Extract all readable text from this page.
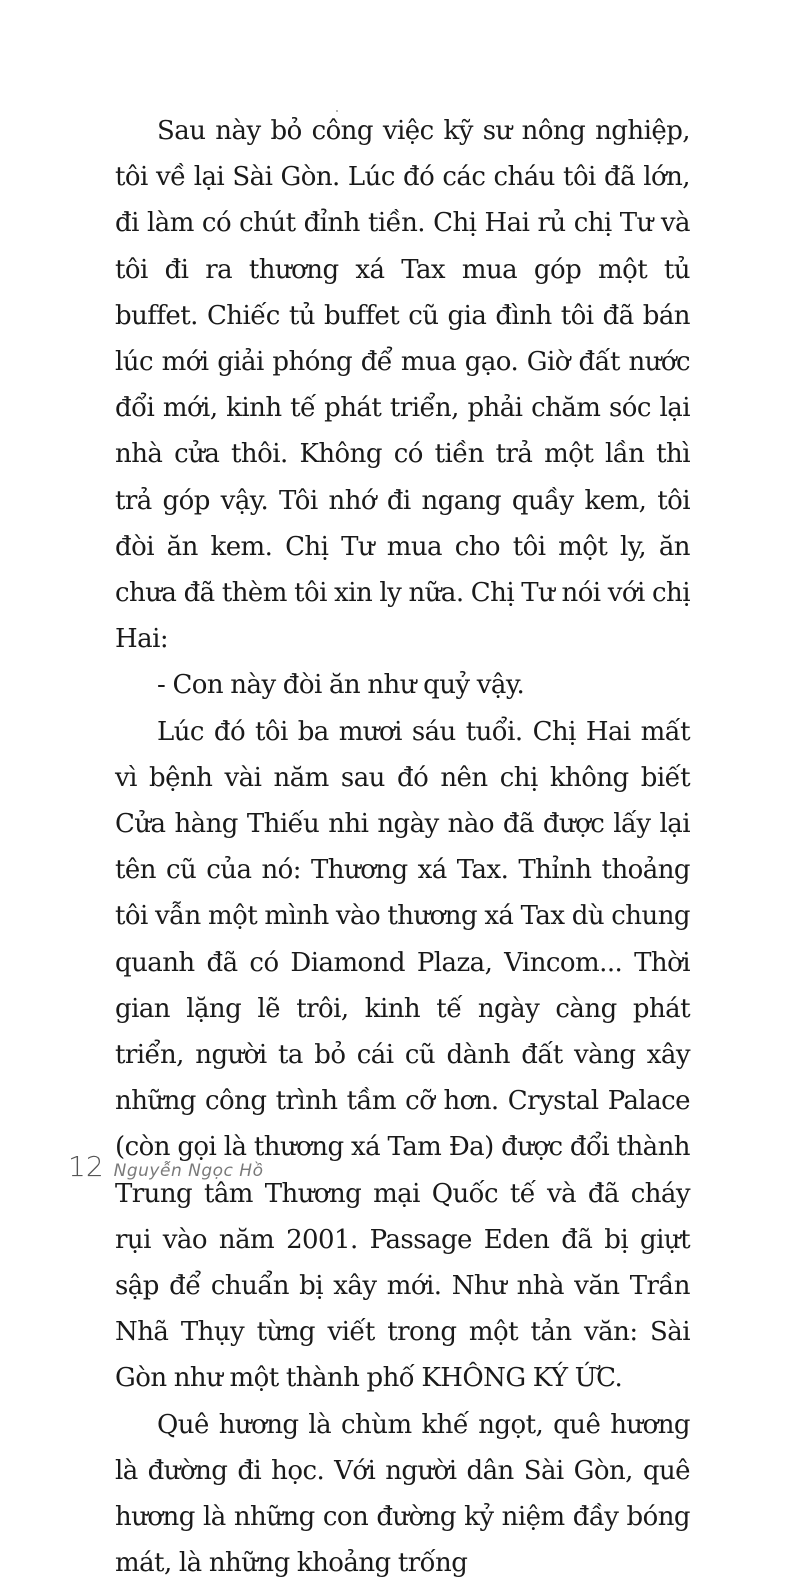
Sau này bỏ công việc kỹ sư nông nghiệp, tôi về lại Sài Gòn. Lúc đó các cháu tôi đã lớn, đi làm có chút đỉnh tiền. Chị Hai rủ chị Tư và tôi đi ra thương xá Tax mua góp một tủ buffet. Chiếc tủ buffet cũ gia đình tôi đã bán lúc mới giải phóng để mua gạo. Giờ đất nước đổi mới, kinh tế phát triển, phải chăm sóc lại nhà cửa thôi. Không có tiền trả một lần thì trả góp vậy. Tôi nhớ đi ngang quầy kem, tôi đòi ăn kem. Chị Tư mua cho tôi một ly, ăn chưa đã thèm tôi xin ly nữa. Chị Tư nói với chị Hai:

- Con này đòi ăn như quỷ vậy.

Lúc đó tôi ba mươi sáu tuổi. Chị Hai mất vì bệnh vài năm sau đó nên chị không biết Cửa hàng Thiếu nhi ngày nào đã được lấy lại tên cũ của nó: Thương xá Tax. Thỉnh thoảng tôi vẫn một mình vào thương xá Tax dù chung quanh đã có Diamond Plaza, Vincom... Thời gian lặng lẽ trôi, kinh tế ngày càng phát triển, người ta bỏ cái cũ dành đất vàng xây những công trình tầm cỡ hơn. Crystal Palace (còn gọi là thương xá Tam Đa) được đổi thành Trung tâm Thương mại Quốc tế và đã cháy rụi vào năm 2001. Passage Eden đã bị giựt sập để chuẩn bị xây mới. Như nhà văn Trần Nhã Thụy từng viết trong một tản văn: Sài Gòn như một thành phố KHÔNG KÝ ỨC.

Quê hương là chùm khế ngọt, quê hương là đường đi học. Với người dân Sài Gòn, quê hương là những con đường kỷ niệm đầy bóng mát, là những khoảng trống

12 Nguyễn Ngọc Hồ
